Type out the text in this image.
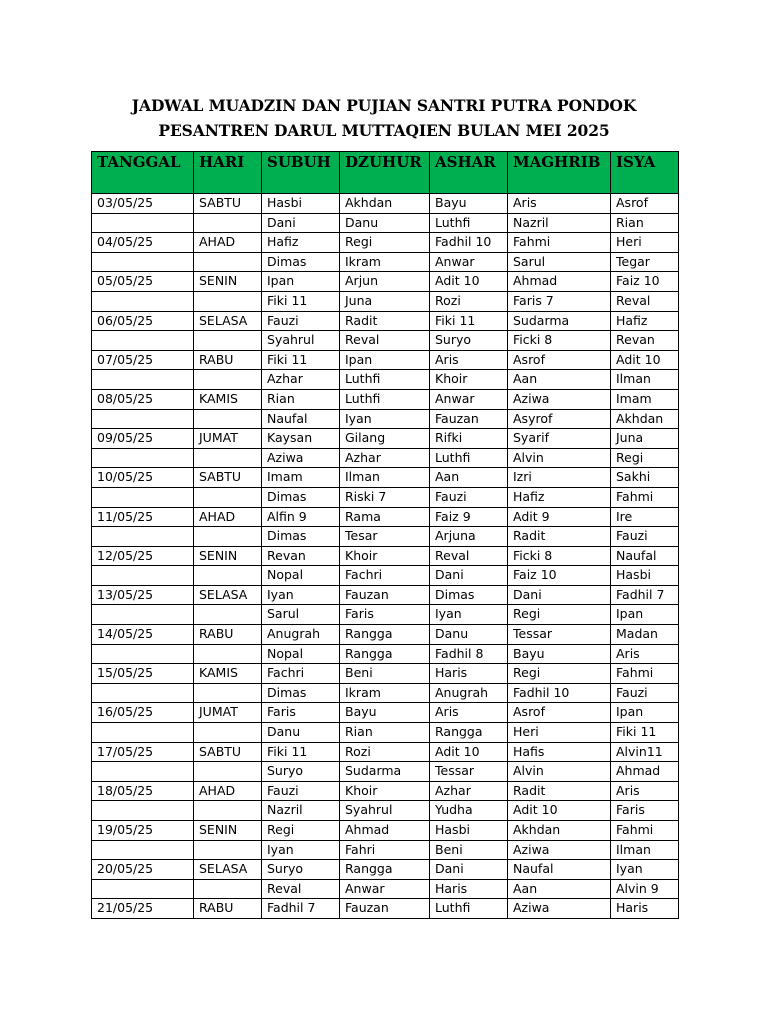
JADWAL MUADZIN DAN PUJIAN SANTRI PUTRA PONDOK
PESANTREN DARUL MUTTAQIEN BULAN MEI 2025
TANGGAL	HARI	SUBUH	DZUHUR	ASHAR	MAGHRIB	ISYA
03/05/25	SABTU	Hasbi	Akhdan	Bayu	Aris	Asrof
		Dani	Danu	Luthfi	Nazril	Rian
04/05/25	AHAD	Hafiz	Regi	Fadhil 10	Fahmi	Heri
		Dimas	Ikram	Anwar	Sarul	Tegar
05/05/25	SENIN	Ipan	Arjun	Adit 10	Ahmad	Faiz 10
		Fiki 11	Juna	Rozi	Faris 7	Reval
06/05/25	SELASA	Fauzi	Radit	Fiki 11	Sudarma	Hafiz
		Syahrul	Reval	Suryo	Ficki 8	Revan
07/05/25	RABU	Fiki 11	Ipan	Aris	Asrof	Adit 10
		Azhar	Luthfi	Khoir	Aan	Ilman
08/05/25	KAMIS	Rian	Luthfi	Anwar	Aziwa	Imam
		Naufal	Iyan	Fauzan	Asyrof	Akhdan
09/05/25	JUMAT	Kaysan	Gilang	Rifki	Syarif	Juna
		Aziwa	Azhar	Luthfi	Alvin	Regi
10/05/25	SABTU	Imam	Ilman	Aan	Izri	Sakhi
		Dimas	Riski 7	Fauzi	Hafiz	Fahmi
11/05/25	AHAD	Alfin 9	Rama	Faiz 9	Adit 9	Ire
		Dimas	Tesar	Arjuna	Radit	Fauzi
12/05/25	SENIN	Revan	Khoir	Reval	Ficki 8	Naufal
		Nopal	Fachri	Dani	Faiz 10	Hasbi
13/05/25	SELASA	Iyan	Fauzan	Dimas	Dani	Fadhil 7
		Sarul	Faris	Iyan	Regi	Ipan
14/05/25	RABU	Anugrah	Rangga	Danu	Tessar	Madan
		Nopal	Rangga	Fadhil 8	Bayu	Aris
15/05/25	KAMIS	Fachri	Beni	Haris	Regi	Fahmi
		Dimas	Ikram	Anugrah	Fadhil 10	Fauzi
16/05/25	JUMAT	Faris	Bayu	Aris	Asrof	Ipan
		Danu	Rian	Rangga	Heri	Fiki 11
17/05/25	SABTU	Fiki 11	Rozi	Adit 10	Hafis	Alvin11
		Suryo	Sudarma	Tessar	Alvin	Ahmad
18/05/25	AHAD	Fauzi	Khoir	Azhar	Radit	Aris
		Nazril	Syahrul	Yudha	Adit 10	Faris
19/05/25	SENIN	Regi	Ahmad	Hasbi	Akhdan	Fahmi
		Iyan	Fahri	Beni	Aziwa	Ilman
20/05/25	SELASA	Suryo	Rangga	Dani	Naufal	Iyan
		Reval	Anwar	Haris	Aan	Alvin 9
21/05/25	RABU	Fadhil 7	Fauzan	Luthfi	Aziwa	Haris
